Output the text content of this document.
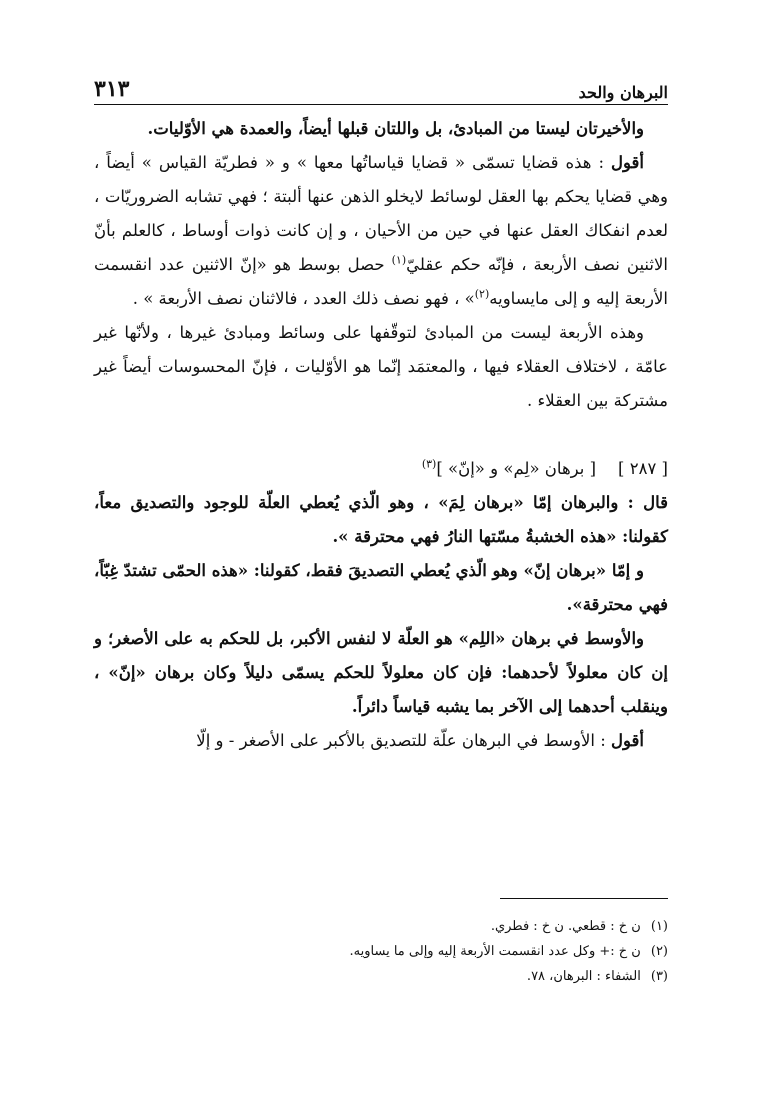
البرهان والحد
٣١٣

والأخيرتان ليستا من المبادئ، بل واللتان قبلها أيضاً، والعمدة هي الأوّليات.

أقول : هذه قضايا تسمّى « قضايا قياساتُها معها » و « فطريّة القياس » أيضاً ، وهي قضايا يحكم بها العقل لوسائط لايخلو الذهن عنها ألبتة ؛ فهي تشابه الضروريّات ، لعدم انفكاك العقل عنها في حين من الأحيان ، و إن كانت ذوات أوساط ، كالعلم بأنّ الاثنين نصف الأربعة ، فإنّه حكم عقليّ$^{(١)}$ حصل بوسط هو «إنّ الاثنين عدد انقسمت الأربعة إليه و إلى مايساويه$^{(٢)}$» ، فهو نصف ذلك العدد ، فالاثنان نصف الأربعة » .

وهذه الأربعة ليست من المبادئ لتوقّفها على وسائط ومبادئ غيرها ، ولأنّها غير عامّة ، لاختلاف العقلاء فيها ، والمعتمَد إنّما هو الأوّليات ، فإنّ المحسوسات أيضاً غير مشتركة بين العقلاء .

[ ٢٨٧ ][ برهان «لِم» و «إنّ» ]$^{(٣)}$

قال : والبرهان إمّا «برهان لِمَ» ، وهو الّذي يُعطي العلّة للوجود والتصديق معاً، كقولنا: «هذه الخشبةُ مسّتها النارُ فهي محترقة ».

و إمّا «برهان إنّ» وهو الّذي يُعطي التصديقَ فقط، كقولنا: «هذه الحمّى تشتدّ غِبّاً، فهي محترقة».

والأوسط في برهان «اللِم» هو العلّة لا لنفس الأكبر، بل للحكم به على الأصغر؛ و إن كان معلولاً لأحدهما: فإن كان معلولاً للحكم يسمّى دليلاً وكان برهان «إنّ» ، وينقلب أحدهما إلى الآخر بما يشبه قياساً دائراً.

أقول : الأوسط في البرهان علّة للتصديق بالأكبر على الأصغر - و إلّا

(١)ن خ : قطعي. ن خ : فطري.

(٢)ن خ :+ وكل عدد انقسمت الأربعة إليه وإلى ما يساويه.

(٣)الشفاء : البرهان، ٧٨.
